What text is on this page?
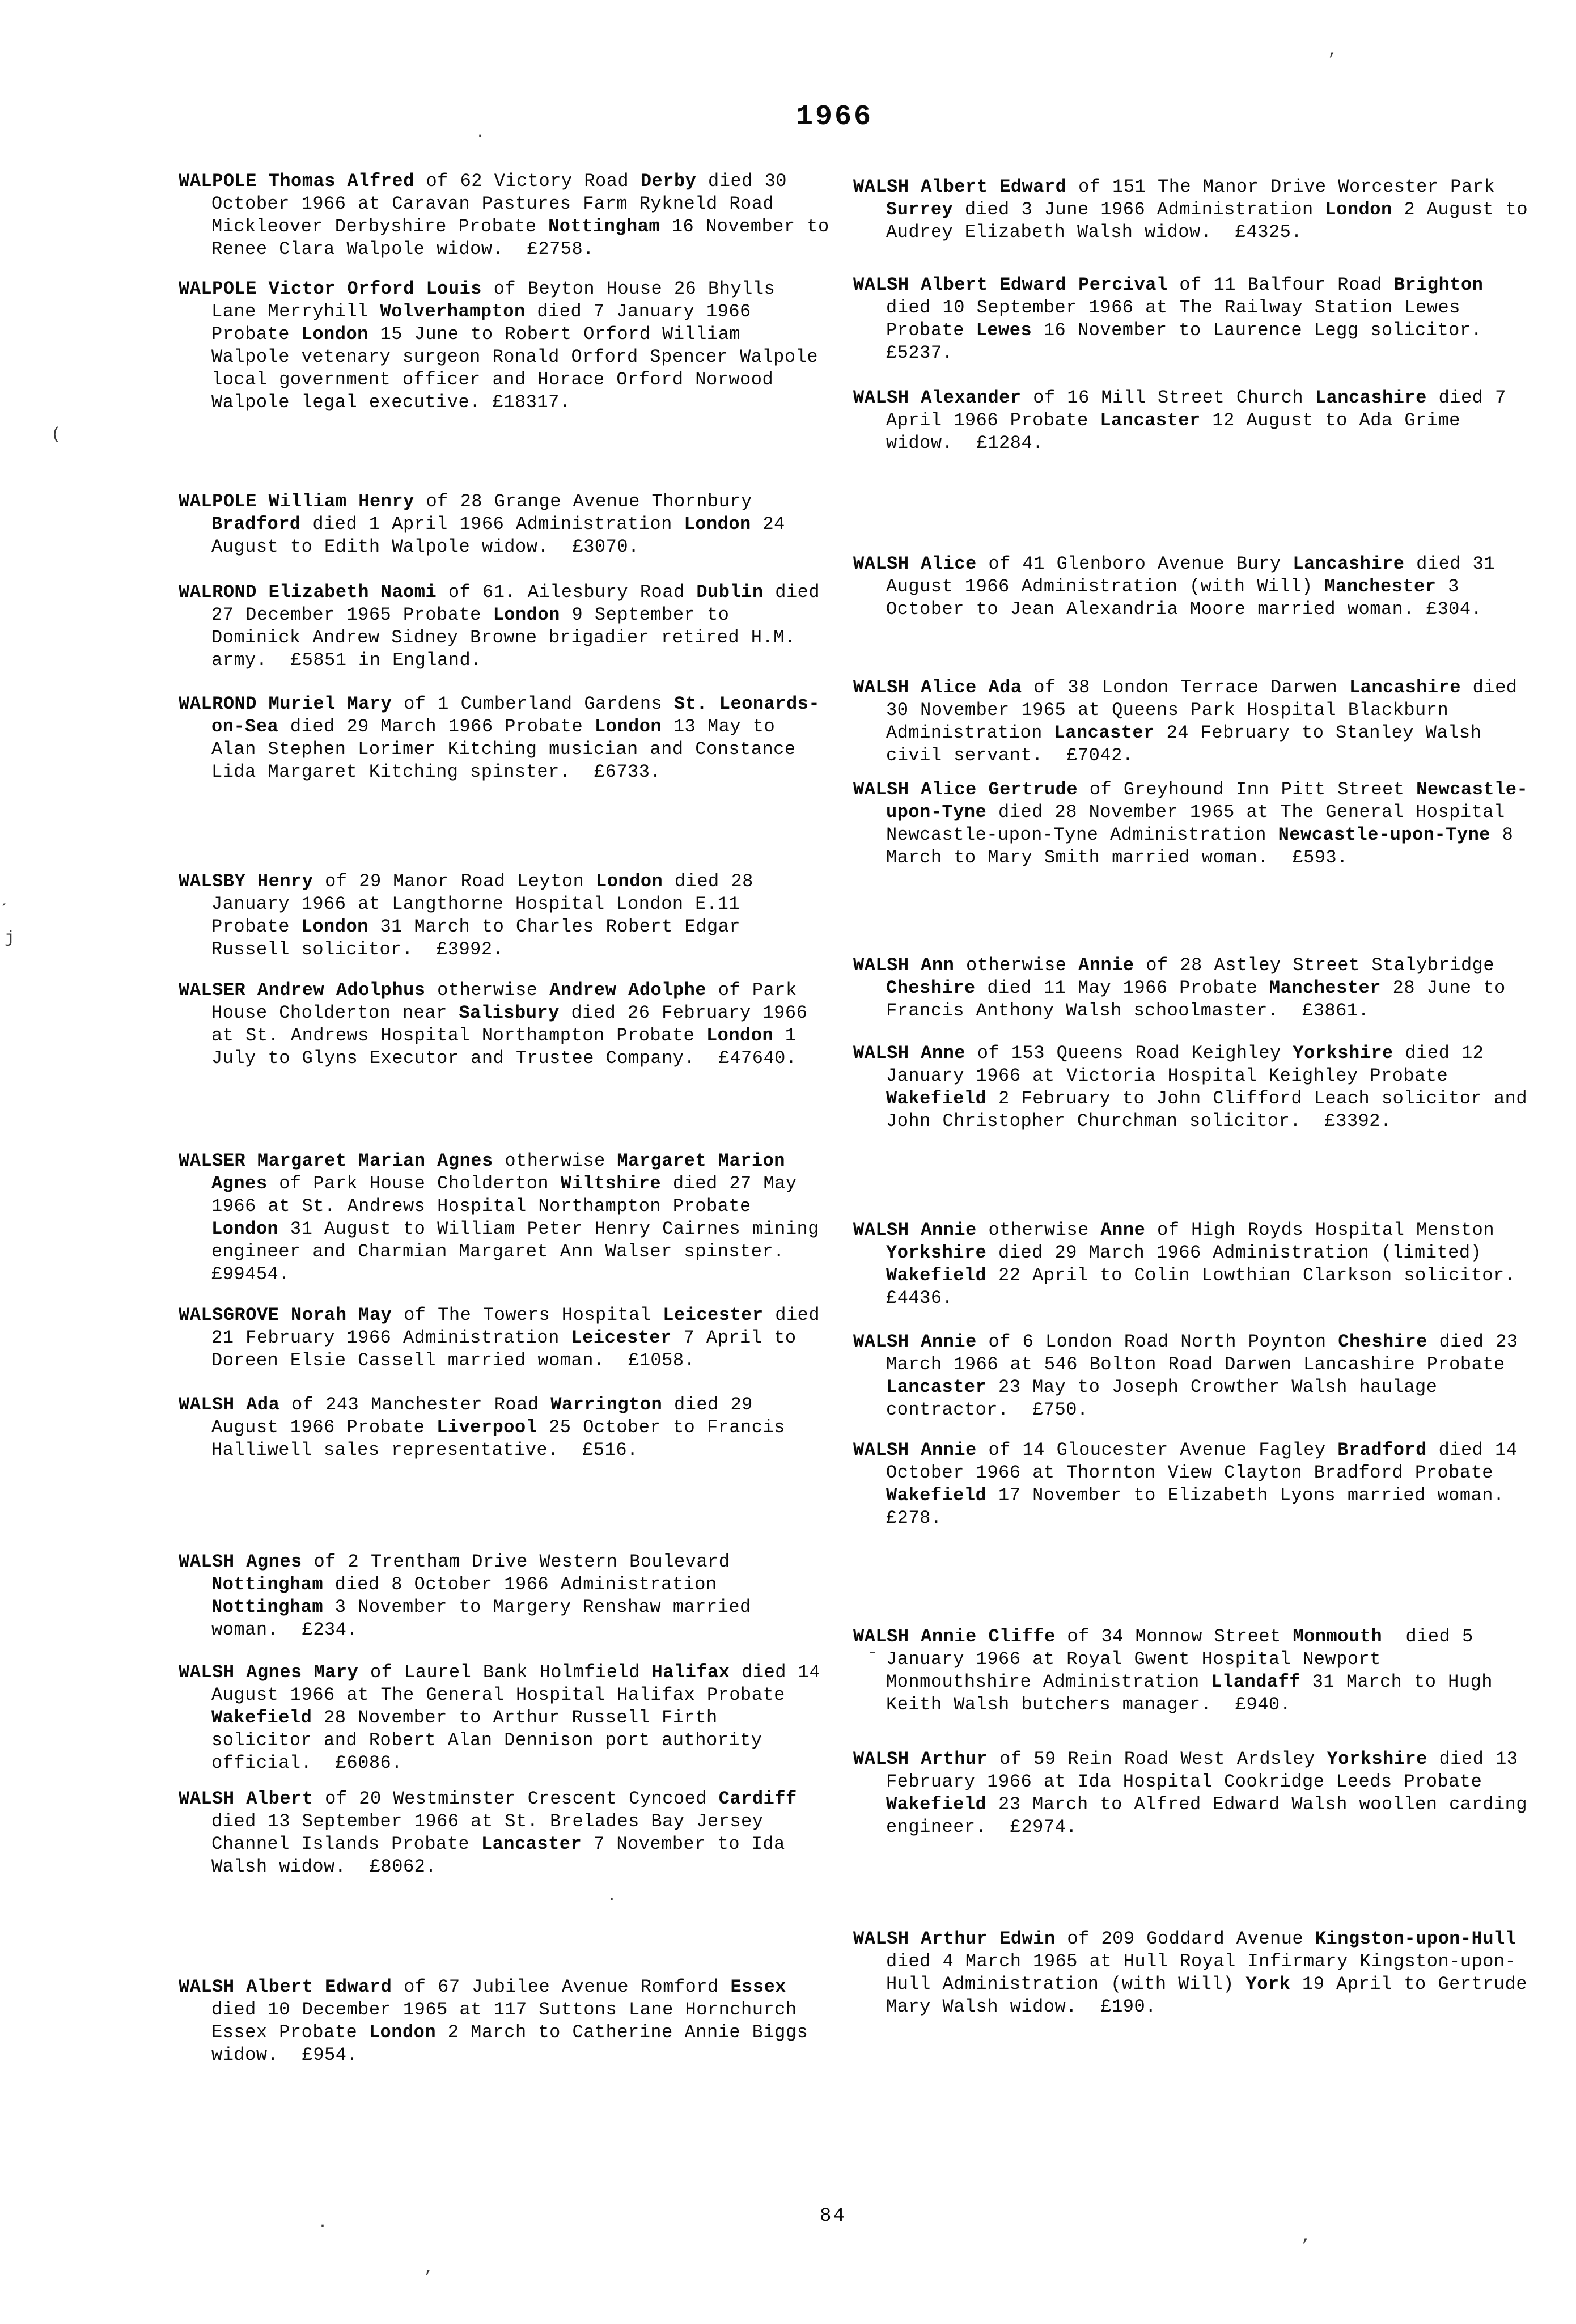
1966

WALPOLE Thomas Alfred of 62 Victory Road Derby died 30 October 1966 at Caravan Pastures Farm Rykneld Road Mickleover Derbyshire Probate Nottingham 16 November to Renee Clara Walpole widow.  £2758.

WALPOLE Victor Orford Louis of Beyton House 26 Bhylls Lane Merryhill Wolverhampton died 7 January 1966 Probate London 15 June to Robert Orford William Walpole vetenary surgeon Ronald Orford Spencer Walpole local government officer and Horace Orford Norwood Walpole legal executive. £18317.

WALPOLE William Henry of 28 Grange Avenue Thornbury Bradford died 1 April 1966 Administration London 24 August to Edith Walpole widow.  £3070.

WALROND Elizabeth Naomi of 61. Ailesbury Road Dublin died 27 December 1965 Probate London 9 September to Dominick Andrew Sidney Browne brigadier retired H.M. army.  £5851 in England.

WALROND Muriel Mary of 1 Cumberland Gardens St. Leonards-on-Sea died 29 March 1966 Probate London 13 May to Alan Stephen Lorimer Kitching musician and Constance Lida Margaret Kitching spinster.  £6733.

WALSBY Henry of 29 Manor Road Leyton London died 28 January 1966 at Langthorne Hospital London E.11 Probate London 31 March to Charles Robert Edgar Russell solicitor.  £3992.

WALSER Andrew Adolphus otherwise Andrew Adolphe of Park House Cholderton near Salisbury died 26 February 1966 at St. Andrews Hospital Northampton Probate London 1 July to Glyns Executor and Trustee Company.  £47640.

WALSER Margaret Marian Agnes otherwise Margaret Marion Agnes of Park House Cholderton Wiltshire died 27 May 1966 at St. Andrews Hospital Northampton Probate London 31 August to William Peter Henry Cairnes mining engineer and Charmian Margaret Ann Walser spinster.  £99454.

WALSGROVE Norah May of The Towers Hospital Leicester died 21 February 1966 Administration Leicester 7 April to Doreen Elsie Cassell married woman.  £1058.

WALSH Ada of 243 Manchester Road Warrington died 29 August 1966 Probate Liverpool 25 October to Francis Halliwell sales representative.  £516.

WALSH Agnes of 2 Trentham Drive Western Boulevard Nottingham died 8 October 1966 Administration Nottingham 3 November to Margery Renshaw married woman.  £234.

WALSH Agnes Mary of Laurel Bank Holmfield Halifax died 14 August 1966 at The General Hospital Halifax Probate Wakefield 28 November to Arthur Russell Firth solicitor and Robert Alan Dennison port authority official.  £6086.

WALSH Albert of 20 Westminster Crescent Cyncoed Cardiff died 13 September 1966 at St. Brelades Bay Jersey Channel Islands Probate Lancaster 7 November to Ida Walsh widow.  £8062.

WALSH Albert Edward of 67 Jubilee Avenue Romford Essex died 10 December 1965 at 117 Suttons Lane Hornchurch Essex Probate London 2 March to Catherine Annie Biggs widow.  £954.

WALSH Albert Edward of 151 The Manor Drive Worcester Park Surrey died 3 June 1966 Administration London 2 August to Audrey Elizabeth Walsh widow.  £4325.

WALSH Albert Edward Percival of 11 Balfour Road Brighton died 10 September 1966 at The Railway Station Lewes Probate Lewes 16 November to Laurence Legg solicitor. £5237.

WALSH Alexander of 16 Mill Street Church Lancashire died 7 April 1966 Probate Lancaster 12 August to Ada Grime widow.  £1284.

WALSH Alice of 41 Glenboro Avenue Bury Lancashire died 31 August 1966 Administration (with Will) Manchester 3 October to Jean Alexandria Moore married woman. £304.

WALSH Alice Ada of 38 London Terrace Darwen Lancashire died 30 November 1965 at Queens Park Hospital Blackburn Administration Lancaster 24 February to Stanley Walsh civil servant.  £7042.

WALSH Alice Gertrude of Greyhound Inn Pitt Street Newcastle-upon-Tyne died 28 November 1965 at The General Hospital Newcastle-upon-Tyne Administration Newcastle-upon-Tyne 8 March to Mary Smith married woman.  £593.

WALSH Ann otherwise Annie of 28 Astley Street Stalybridge Cheshire died 11 May 1966 Probate Manchester 28 June to Francis Anthony Walsh schoolmaster.  £3861.

WALSH Anne of 153 Queens Road Keighley Yorkshire died 12 January 1966 at Victoria Hospital Keighley Probate Wakefield 2 February to John Clifford Leach solicitor and John Christopher Churchman solicitor.  £3392.

WALSH Annie otherwise Anne of High Royds Hospital Menston Yorkshire died 29 March 1966 Administration (limited) Wakefield 22 April to Colin Lowthian Clarkson solicitor.  £4436.

WALSH Annie of 6 London Road North Poynton Cheshire died 23 March 1966 at 546 Bolton Road Darwen Lancashire Probate Lancaster 23 May to Joseph Crowther Walsh haulage contractor.  £750.

WALSH Annie of 14 Gloucester Avenue Fagley Bradford died 14 October 1966 at Thornton View Clayton Bradford Probate Wakefield 17 November to Elizabeth Lyons married woman.  £278.

WALSH Annie Cliffe of 34 Monnow Street Monmouth  died 5 January 1966 at Royal Gwent Hospital Newport Monmouthshire Administration Llandaff 31 March to Hugh Keith Walsh butchers manager.  £940.

WALSH Arthur of 59 Rein Road West Ardsley Yorkshire died 13 February 1966 at Ida Hospital Cookridge Leeds Probate Wakefield 23 March to Alfred Edward Walsh woollen carding engineer.  £2974.

WALSH Arthur Edwin of 209 Goddard Avenue Kingston-upon-Hull died 4 March 1965 at Hull Royal Infirmary Kingston-upon-Hull Administration (with Will) York 19 April to Gertrude Mary Walsh widow.  £190.

84
’
.
(
j
-
.
·
,
’
